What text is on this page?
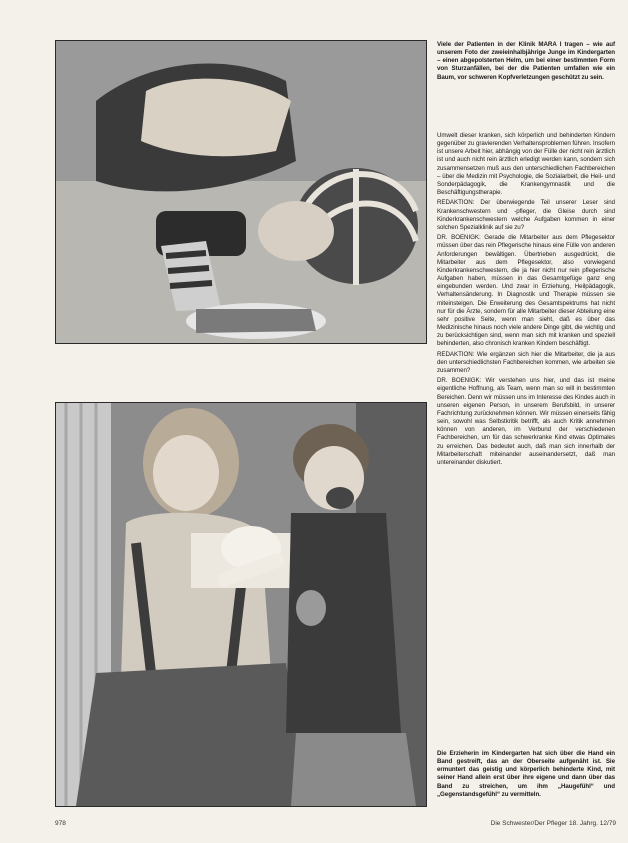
Viele der Patienten in der Klinik MARA I tragen – wie auf unserem Foto der zweieinhalbjährige Junge im Kindergarten – einen abgepolsterten Helm, um bei einer bestimmten Form von Sturzanfällen, bei der die Patienten umfallen wie ein Baum, vor schweren Kopfverletzungen geschützt zu sein.

Umwelt dieser kranken, sich körperlich und behinderten Kindern gegenüber zu gravierenden Verhaltensproblemen führen. Insofern ist unsere Arbeit hier, abhängig von der Fülle der nicht rein ärztlich ist und auch nicht rein ärztlich erledigt werden kann, sondern sich zusammensetzen muß aus den unterschiedlichen Fachbereichen – über die Medizin mit Psychologie, die Sozialarbeit, die Heil- und Sonderpädagogik, die Krankengymnastik und die Beschäftigungstherapie.

REDAKTION: Der überwiegende Teil unserer Leser sind Krankenschwestern und -pfleger, die Gleise durch sind Kinderkrankenschwestern welche Aufgaben kommen in einer solchen Spezialklinik auf sie zu?

DR. BOENIGK: Gerade die Mitarbeiter aus dem Pflegesektor müssen über das rein Pflegerische hinaus eine Fülle von anderen Anforderungen bewältigen. Übertrieben ausgedrückt, die Mitarbeiter aus dem Pflegesektor, also vorwiegend Kinderkrankenschwestern, die ja hier nicht nur rein pflegerische Aufgaben haben, müssen in das Gesamtgefüge ganz eng eingebunden werden. Und zwar in Erziehung, Heilpädagogik, Verhaltensänderung. In Diagnostik und Therapie müssen sie miteinsteigen. Die Erweiterung des Gesamtspektrums hat nicht nur für die Ärzte, sondern für alle Mitarbeiter dieser Abteilung eine sehr positive Seite, wenn man sieht, daß es über das Medizinische hinaus noch viele andere Dinge gibt, die wichtig und zu berücksichtigen sind, wenn man sich mit kranken und speziell behinderten, also chronisch kranken Kindern beschäftigt.

REDAKTION: Wie ergänzen sich hier die Mitarbeiter, die ja aus den unterschiedlichsten Fachbereichen kommen, wie arbeiten sie zusammen?

DR. BOENIGK: Wir verstehen uns hier, und das ist meine eigentliche Hoffnung, als Team, wenn man so will in bestimmten Bereichen. Denn wir müssen uns im Interesse des Kindes auch in unseren eigenen Person, in unserem Berufsbild, in unserer Fachrichtung zurücknehmen können. Wir müssen einerseits fähig sein, sowohl was Selbstkritik betrifft, als auch Kritik annehmen können von anderen, im Verbund der verschiedenen Fachbereichen, um für das schwerkranke Kind etwas Optimales zu erreichen. Das bedeutet auch, daß man sich innerhalb der Mitarbeiterschaft miteinander auseinandersetzt, daß man untereinander diskutiert.

Die Erzieherin im Kindergarten hat sich über die Hand ein Band gestreift, das an der Oberseite aufgenäht ist. Sie ermuntert das geistig und körperlich behinderte Kind, mit seiner Hand allein erst über ihre eigene und dann über das Band zu streichen, um ihm „Haugefühl“ und „Gegenstandsgefühl“ zu vermitteln.

978	Die Schwester/Der Pfleger 18. Jahrg. 12/79
